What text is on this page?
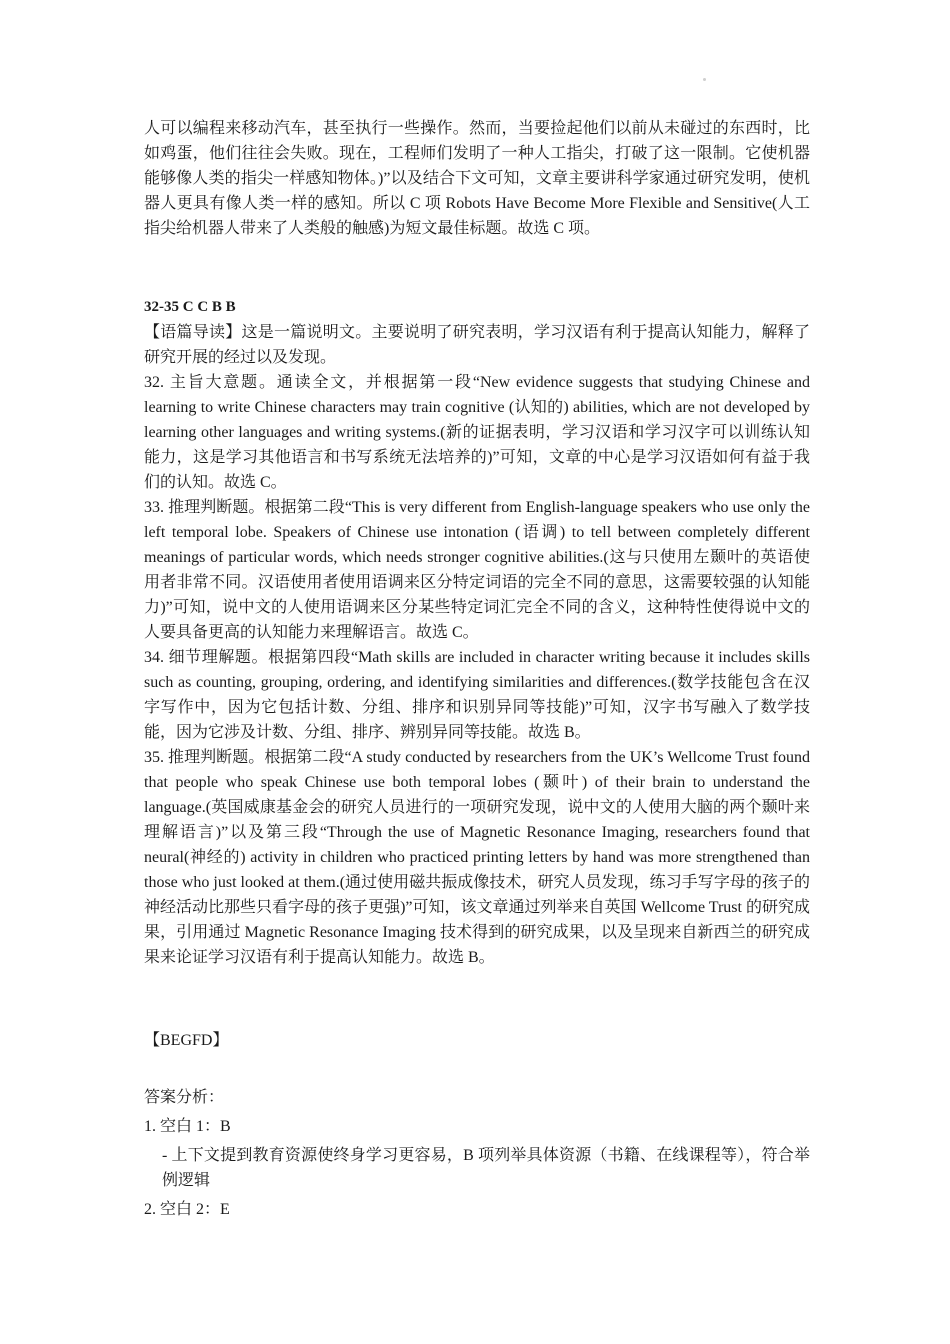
人可以编程来移动汽车，甚至执行一些操作。然而，当要捡起他们以前从未碰过的东西时，比如鸡蛋，他们往往会失败。现在，工程师们发明了一种人工指尖，打破了这一限制。它使机器能够像人类的指尖一样感知物体。)”以及结合下文可知，文章主要讲科学家通过研究发明，使机器人更具有像人类一样的感知。所以 C 项 Robots Have Become More Flexible and Sensitive(人工指尖给机器人带来了人类般的触感)为短文最佳标题。故选 C 项。

32-35 C C B B

【语篇导读】这是一篇说明文。主要说明了研究表明，学习汉语有利于提高认知能力，解释了研究开展的经过以及发现。

32. 主旨大意题。通读全文，并根据第一段“New evidence suggests that studying Chinese and learning to write Chinese characters may train cognitive (认知的) abilities, which are not developed by learning other languages and writing systems.(新的证据表明，学习汉语和学习汉字可以训练认知能力，这是学习其他语言和书写系统无法培养的)”可知，文章的中心是学习汉语如何有益于我们的认知。故选 C。

33. 推理判断题。根据第二段“This is very different from English-language speakers who use only the left temporal lobe. Speakers of Chinese use intonation (语调) to tell between completely different meanings of particular words, which needs stronger cognitive abilities.(这与只使用左颞叶的英语使用者非常不同。汉语使用者使用语调来区分特定词语的完全不同的意思，这需要较强的认知能力)”可知，说中文的人使用语调来区分某些特定词汇完全不同的含义，这种特性使得说中文的人要具备更高的认知能力来理解语言。故选 C。

34. 细节理解题。根据第四段“Math skills are included in character writing because it includes skills such as counting, grouping, ordering, and identifying similarities and differences.(数学技能包含在汉字写作中，因为它包括计数、分组、排序和识别异同等技能)”可知，汉字书写融入了数学技能，因为它涉及计数、分组、排序、辨别异同等技能。故选 B。

35. 推理判断题。根据第二段“A study conducted by researchers from the UK’s Wellcome Trust found that people who speak Chinese use both temporal lobes (颞叶) of their brain to understand the language.(英国威康基金会的研究人员进行的一项研究发现，说中文的人使用大脑的两个颞叶来理解语言)”以及第三段“Through the use of Magnetic Resonance Imaging, researchers found that neural(神经的) activity in children who practiced printing letters by hand was more strengthened than those who just looked at them.(通过使用磁共振成像技术，研究人员发现，练习手写字母的孩子的神经活动比那些只看字母的孩子更强)”可知，该文章通过列举来自英国 Wellcome Trust 的研究成果，引用通过 Magnetic Resonance Imaging 技术得到的研究成果，以及呈现来自新西兰的研究成果来论证学习汉语有利于提高认知能力。故选 B。

【BEGFD】

答案分析：

1. 空白 1：B

- 上下文提到教育资源使终身学习更容易，B 项列举具体资源（书籍、在线课程等），符合举例逻辑

2. 空白 2：E
